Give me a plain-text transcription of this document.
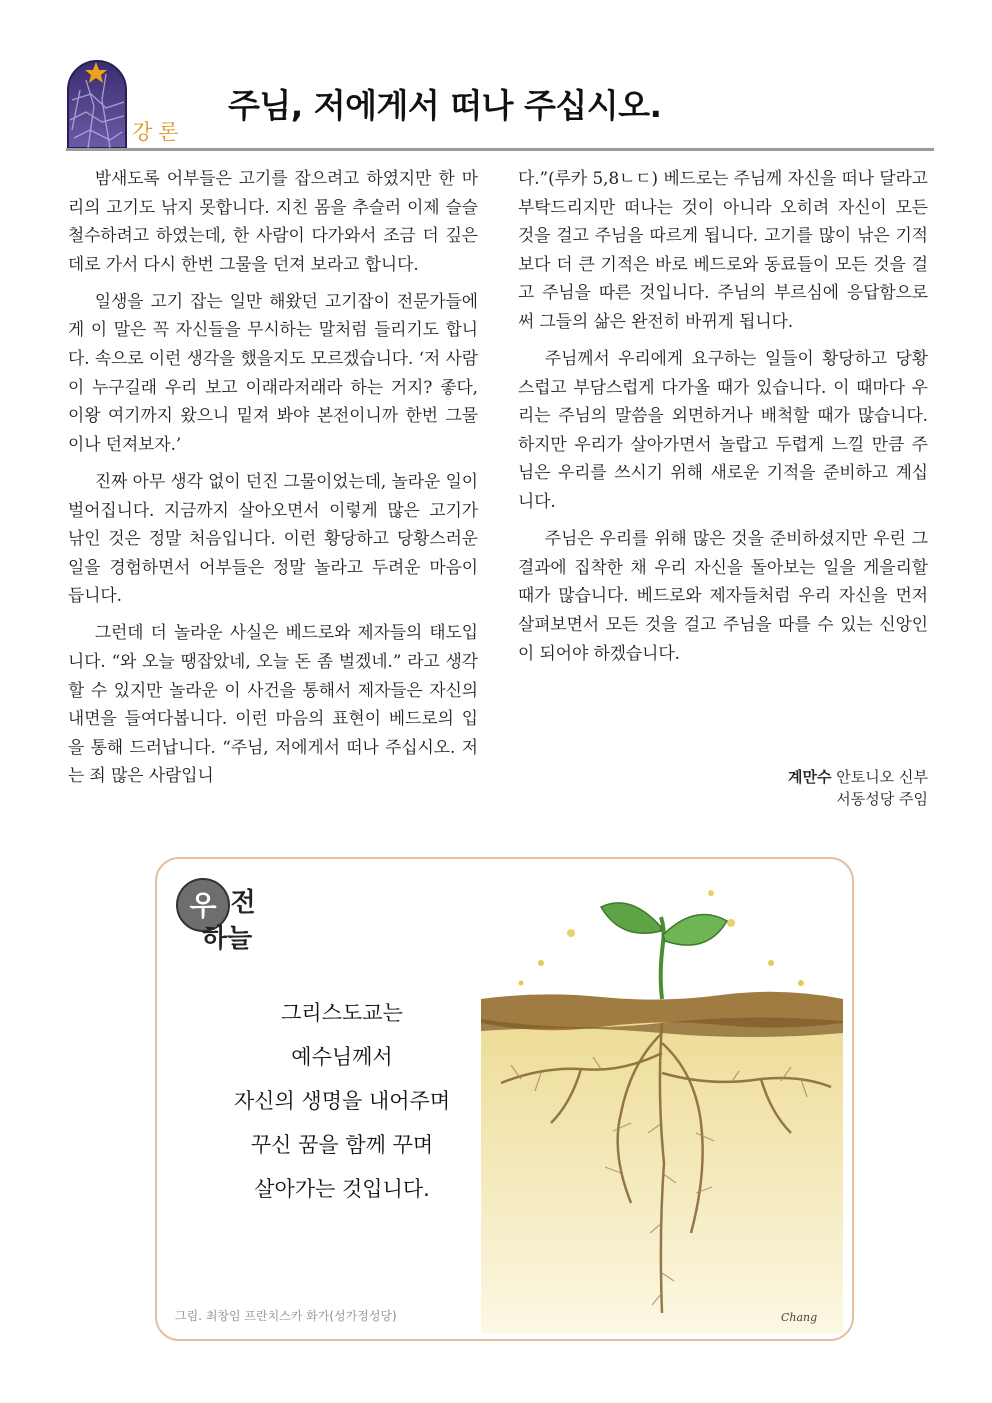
강론
주님, 저에게서 떠나 주십시오.

밤새도록 어부들은 고기를 잡으려고 하였지만 한 마리의 고기도 낚지 못합니다. 지친 몸을 추슬러 이제 슬슬 철수하려고 하였는데, 한 사람이 다가와서 조금 더 깊은 데로 가서 다시 한번 그물을 던져 보라고 합니다.

일생을 고기 잡는 일만 해왔던 고기잡이 전문가들에게 이 말은 꼭 자신들을 무시하는 말처럼 들리기도 합니다. 속으로 이런 생각을 했을지도 모르겠습니다. ‘저 사람이 누구길래 우리 보고 이래라저래라 하는 거지? 좋다, 이왕 여기까지 왔으니 밑져 봐야 본전이니까 한번 그물이나 던져보자.’

진짜 아무 생각 없이 던진 그물이었는데, 놀라운 일이 벌어집니다. 지금까지 살아오면서 이렇게 많은 고기가 낚인 것은 정말 처음입니다. 이런 황당하고 당황스러운 일을 경험하면서 어부들은 정말 놀라고 두려운 마음이 듭니다.

그런데 더 놀라운 사실은 베드로와 제자들의 태도입니다. “와 오늘 땡잡았네, 오늘 돈 좀 벌겠네.” 라고 생각할 수 있지만 놀라운 이 사건을 통해서 제자들은 자신의 내면을 들여다봅니다. 이런 마음의 표현이 베드로의 입을 통해 드러납니다. “주님, 저에게서 떠나 주십시오. 저는 죄 많은 사람입니

다.”(루카 5,8ㄴㄷ) 베드로는 주님께 자신을 떠나 달라고 부탁드리지만 떠나는 것이 아니라 오히려 자신이 모든 것을 걸고 주님을 따르게 됩니다. 고기를 많이 낚은 기적보다 더 큰 기적은 바로 베드로와 동료들이 모든 것을 걸고 주님을 따른 것입니다. 주님의 부르심에 응답함으로써 그들의 삶은 완전히 바뀌게 됩니다.

주님께서 우리에게 요구하는 일들이 황당하고 당황스럽고 부담스럽게 다가올 때가 있습니다. 이 때마다 우리는 주님의 말씀을 외면하거나 배척할 때가 많습니다. 하지만 우리가 살아가면서 놀랍고 두렵게 느낄 만큼 주님은 우리를 쓰시기 위해 새로운 기적을 준비하고 계십니다.

주님은 우리를 위해 많은 것을 준비하셨지만 우린 그 결과에 집착한 채 우리 자신을 돌아보는 일을 게을리할 때가 많습니다. 베드로와 제자들처럼 우리 자신을 먼저 살펴보면서 모든 것을 걸고 주님을 따를 수 있는 신앙인이 되어야 하겠습니다.

계만수 안토니오 신부
서동성당 주임
우 전
하늘
그리스도교는
예수님께서
자신의 생명을 내어주며
꾸신 꿈을 함께 꾸며
살아가는 것입니다.
Chang
그림. 최창임 프란치스카 화가(성가정성당)
